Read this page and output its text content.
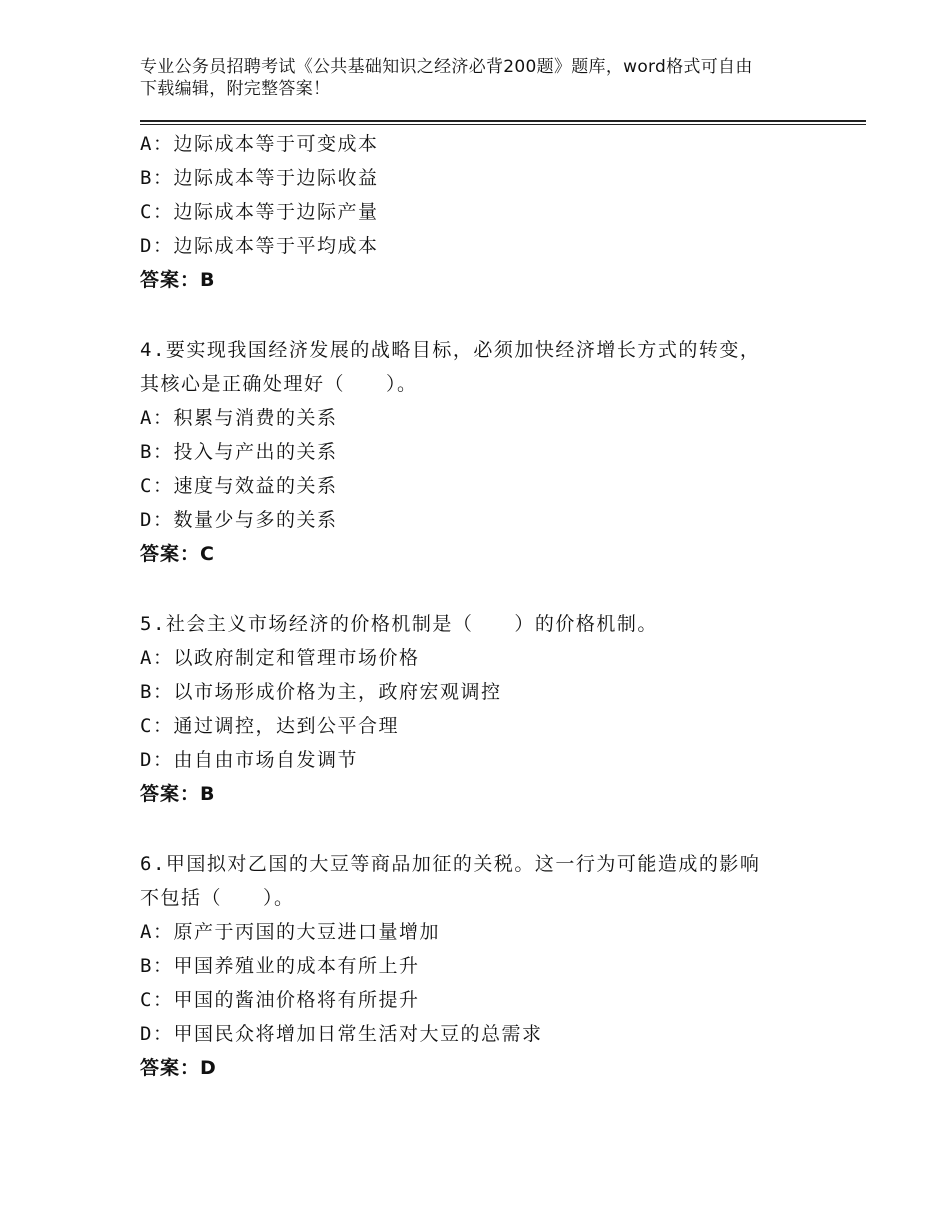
专业公务员招聘考试《公共基础知识之经济必背200题》题库，word格式可自由
下载编辑，附完整答案！
A：边际成本等于可变成本
B：边际成本等于边际收益
C：边际成本等于边际产量
D：边际成本等于平均成本
答案：B
4.要实现我国经济发展的战略目标，必须加快经济增长方式的转变，
其核心是正确处理好（　　）。
A：积累与消费的关系
B：投入与产出的关系
C：速度与效益的关系
D：数量少与多的关系
答案：C
5.社会主义市场经济的价格机制是（　　）的价格机制。
A：以政府制定和管理市场价格
B：以市场形成价格为主，政府宏观调控
C：通过调控，达到公平合理
D：由自由市场自发调节
答案：B
6.甲国拟对乙国的大豆等商品加征的关税。这一行为可能造成的影响
不包括（　　）。
A：原产于丙国的大豆进口量增加
B：甲国养殖业的成本有所上升
C：甲国的酱油价格将有所提升
D：甲国民众将增加日常生活对大豆的总需求
答案：D
